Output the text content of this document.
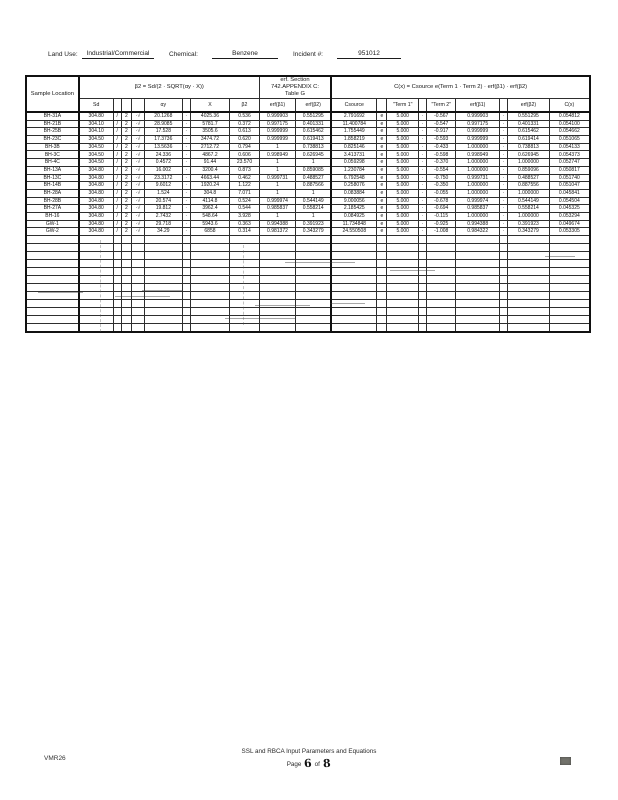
Land Use:	Industrial/Commercial	Chemical:	Benzene	Incident #:	951012
Sample Location	β2 = Sd/(2 · SQRT(αy · X))								erf. Section
742.APPENDIX C:
Table G		C(x) = Csource e(Term 1 · Term 2) · erf(β1) · erf(β2)								
	Sd				αy		X	β2	erf(β1)	erf(β2)	Csource		"Term 1"		"Term 2"	erf(β1)		erf(β2)	C(x)
BH-31A	304.80	/	2	·√	20.1268	·	4025.36	0.536	0.999903	0.551295	2.791692	e	5.000	·	-0.567	0.999903	·	0.551295	0.054812
BH-21B	304.10	/	2	·√	28.9085	·	5781.7	0.372	0.997175	0.401331	11.400784	e	5.000	·	-0.547	0.997175	·	0.401331	0.054100
BH-25B	304.10	/	2	·√	17.528	·	3505.6	0.613	0.999999	0.615462	1.755449	e	5.000	·	-0.917	0.999999	·	0.615462	0.054662
BH-23C	304.50	/	2	·√	17.3736	·	3474.72	0.620	0.999999	0.619413	1.858219	e	5.000	·	-0.593	0.999999	·	0.619414	0.051065
BH-3B	304.50	/	2	·√	13.5636	·	2712.72	0.794	1	0.738813	0.825146	e	5.000	·	-0.433	1.000000	·	0.738813	0.054133
BH-3C	304.50	/	2	·√	24.336	·	4867.2	0.606	0.998949	0.626945	3.413731	e	5.000	·	-0.598	0.998949	·	0.626945	0.054373
BH-4C	304.50	/	2	·√	0.4572	·	91.44	23.570	1	1	0.059298	e	5.000	·	-0.370	1.000000	·	1.000000	0.052747
BH-13A	304.80	/	2	·√	16.002	·	3200.4	0.873	1	0.859085	1.230784	e	5.000	·	-0.554	1.000000	·	0.859096	0.050817
BH-13C	304.80	/	2	·√	23.3172	·	4663.44	0.462	0.999731	0.488527	6.792548	e	5.000	·	-0.750	0.999731	·	0.488527	0.051740
BH-14B	304.80	/	2	·√	9.6012	·	1920.24	1.122	1	0.887566	0.258076	e	5.000	·	-0.350	1.000000	·	0.887556	0.051047
BH-28A	304.80	/	2	·√	1.524	·	304.8	7.071	1	1	0.083884	e	5.000	·	-0.055	1.000000	·	1.000000	0.045841
BH-28B	304.80	/	2	·√	20.574	·	4114.8	0.524	0.999974	0.544149	9.000056	e	5.000	·	-0.678	0.999974	·	0.544149	0.054504
BH-27A	304.80	/	2	·√	19.812	·	3962.4	0.544	0.985837	0.558214	2.185425	e	5.000	·	-0.694	0.985837	·	0.558214	0.045325
BH-16	304.80	/	2	·√	2.7432	·	548.64	3.928	1	1	0.084925	e	5.000	·	-0.115	1.000000	·	1.000000	0.053294
GW-1	304.80	/	2	·√	29.718	·	5943.6	0.363	0.994388	0.391923	11.734848	e	5.000	·	-0.925	0.994388	·	0.391923	0.049674
GW-2	304.80	/	2	·√	34.29	·	6858	0.314	0.981372	0.343279	24.550508	e	5.000	·	-1.008	0.984322	·	0.343279	0.053305

VMR26
SSL and RBCA Input Parameters and Equations
Page 6 of 8
